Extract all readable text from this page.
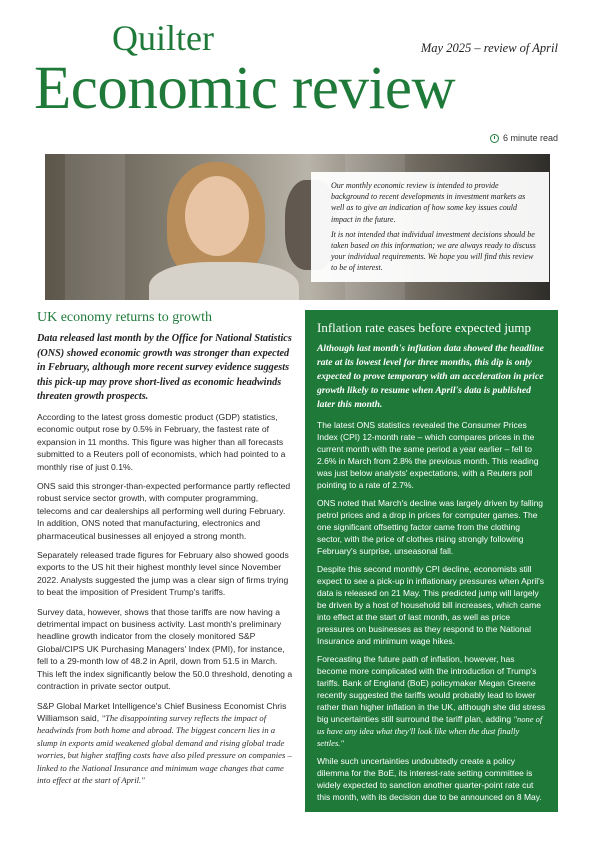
Quilter	May 2025 – review of April
Economic review
6 minute read

Our monthly economic review is intended to provide background to recent developments in investment markets as well as to give an indication of how some key issues could impact in the future.

It is not intended that individual investment decisions should be taken based on this information; we are always ready to discuss your individual requirements. We hope you will find this review to be of interest.

UK economy returns to growth

Data released last month by the Office for National Statistics (ONS) showed economic growth was stronger than expected in February, although more recent survey evidence suggests this pick-up may prove short-lived as economic headwinds threaten growth prospects.

According to the latest gross domestic product (GDP) statistics, economic output rose by 0.5% in February, the fastest rate of expansion in 11 months. This figure was higher than all forecasts submitted to a Reuters poll of economists, which had pointed to a monthly rise of just 0.1%.

ONS said this stronger-than-expected performance partly reflected robust service sector growth, with computer programming, telecoms and car dealerships all performing well during February. In addition, ONS noted that manufacturing, electronics and pharmaceutical businesses all enjoyed a strong month.

Separately released trade figures for February also showed goods exports to the US hit their highest monthly level since November 2022. Analysts suggested the jump was a clear sign of firms trying to beat the imposition of President Trump's tariffs.

Survey data, however, shows that those tariffs are now having a detrimental impact on business activity. Last month's preliminary headline growth indicator from the closely monitored S&P Global/CIPS UK Purchasing Managers' Index (PMI), for instance, fell to a 29-month low of 48.2 in April, down from 51.5 in March. This left the index significantly below the 50.0 threshold, denoting a contraction in private sector output.

S&P Global Market Intelligence's Chief Business Economist Chris Williamson said, "The disappointing survey reflects the impact of headwinds from both home and abroad. The biggest concern lies in a slump in exports amid weakened global demand and rising global trade worries, but higher staffing costs have also piled pressure on companies – linked to the National Insurance and minimum wage changes that came into effect at the start of April."

Inflation rate eases before expected jump

Although last month's inflation data showed the headline rate at its lowest level for three months, this dip is only expected to prove temporary with an acceleration in price growth likely to resume when April's data is published later this month.

The latest ONS statistics revealed the Consumer Prices Index (CPI) 12-month rate – which compares prices in the current month with the same period a year earlier – fell to 2.6% in March from 2.8% the previous month. This reading was just below analysts' expectations, with a Reuters poll pointing to a rate of 2.7%.

ONS noted that March's decline was largely driven by falling petrol prices and a drop in prices for computer games. The one significant offsetting factor came from the clothing sector, with the price of clothes rising strongly following February's surprise, unseasonal fall.

Despite this second monthly CPI decline, economists still expect to see a pick-up in inflationary pressures when April's data is released on 21 May. This predicted jump will largely be driven by a host of household bill increases, which came into effect at the start of last month, as well as price pressures on businesses as they respond to the National Insurance and minimum wage hikes.

Forecasting the future path of inflation, however, has become more complicated with the introduction of Trump's tariffs. Bank of England (BoE) policymaker Megan Greene recently suggested the tariffs would probably lead to lower rather than higher inflation in the UK, although she did stress big uncertainties still surround the tariff plan, adding "none of us have any idea what they'll look like when the dust finally settles."

While such uncertainties undoubtedly create a policy dilemma for the BoE, its interest-rate setting committee is widely expected to sanction another quarter-point rate cut this month, with its decision due to be announced on 8 May.
